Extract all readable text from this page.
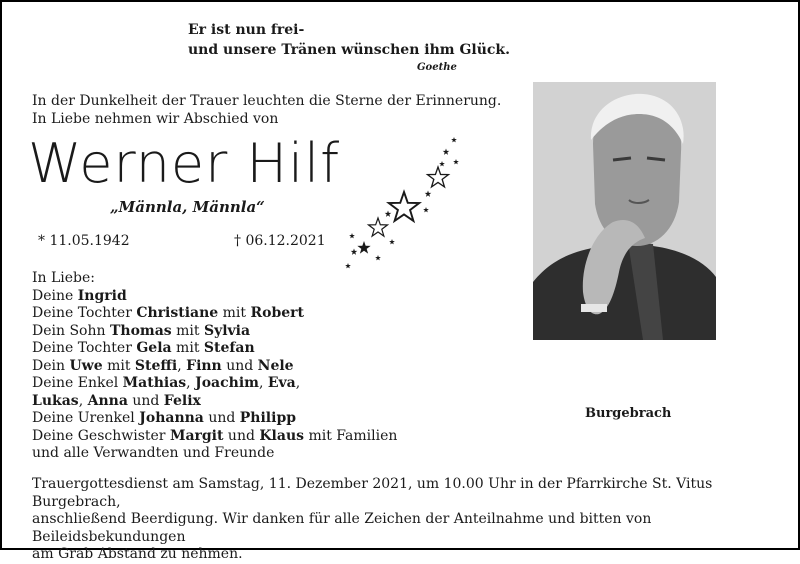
Er ist nun frei-
und unsere Tränen wünschen ihm Glück.
Goethe
In der Dunkelheit der Trauer leuchten die Sterne der Erinnerung.
In Liebe nehmen wir Abschied von
Werner Hilf
„Männla, Männla“
* 11.05.1942	† 06.12.2021
In Liebe:
Deine Ingrid
Deine Tochter Christiane mit Robert
Dein Sohn Thomas mit Sylvia
Deine Tochter Gela mit Stefan
Dein Uwe mit Steffi, Finn und Nele
Deine Enkel Mathias, Joachim, Eva,
Lukas, Anna und Felix
Deine Urenkel Johanna und Philipp
Deine Geschwister Margit und Klaus mit Familien
und alle Verwandten und Freunde
Burgebrach
Trauergottesdienst am Samstag, 11. Dezember 2021, um 10.00 Uhr in der Pfarrkirche St. Vitus Burgebrach,
anschließend Beerdigung. Wir danken für alle Zeichen der Anteilnahme und bitten von Beileidsbekundungen
am Grab Abstand zu nehmen.
